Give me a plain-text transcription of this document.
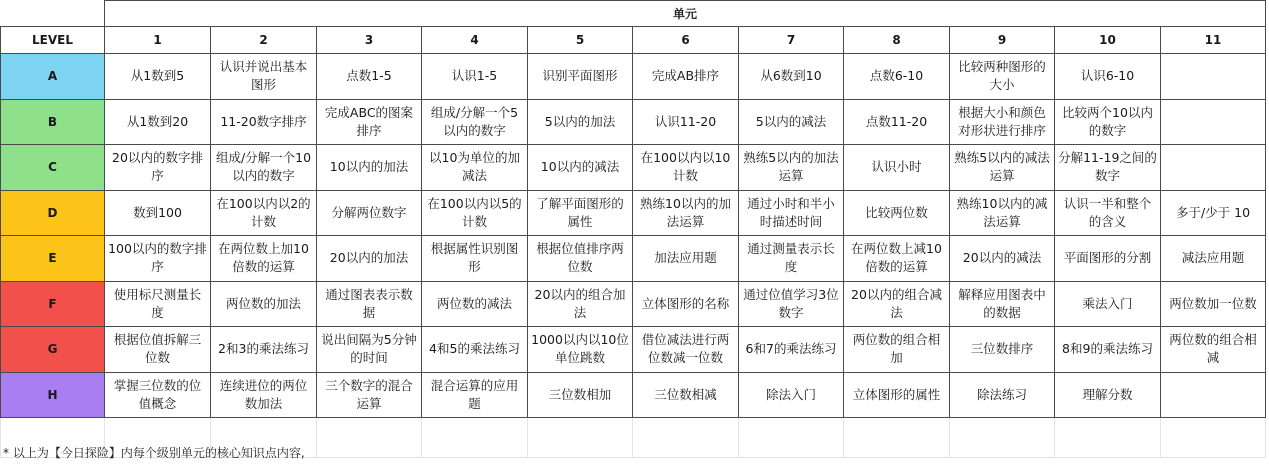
	单元										
LEVEL	1	2	3	4	5	6	7	8	9	10	11
A	从1数到5	认识并说出基本图形	点数1-5	认识1-5	识别平面图形	完成AB排序	从6数到10	点数6-10	比较两种图形的大小	认识6-10	
B	从1数到20	11-20数字排序	完成ABC的图案排序	组成/分解一个5以内的数字	5以内的加法	认识11-20	5以内的减法	点数11-20	根据大小和颜色对形状进行排序	比较两个10以内的数字	
C	20以内的数字排序	组成/分解一个10以内的数字	10以内的加法	以10为单位的加减法	10以内的减法	在100以内以10计数	熟练5以内的加法运算	认识小时	熟练5以内的减法运算	分解11-19之间的数字	
D	数到100	在100以内以2的计数	分解两位数字	在100以内以5的计数	了解平面图形的属性	熟练10以内的加法运算	通过小时和半小时描述时间	比较两位数	熟练10以内的减法运算	认识一半和整个的含义	多于/少于 10
E	100以内的数字排序	在两位数上加10倍数的运算	20以内的加法	根据属性识别图形	根据位值排序两位数	加法应用题	通过测量表示长度	在两位数上减10倍数的运算	20以内的减法	平面图形的分割	减法应用题
F	使用标尺测量长度	两位数的加法	通过图表表示数据	两位数的减法	20以内的组合加法	立体图形的名称	通过位值学习3位数字	20以内的组合减法	解释应用图表中的数据	乘法入门	两位数加一位数
G	根据位值拆解三位数	2和3的乘法练习	说出间隔为5分钟的时间	4和5的乘法练习	1000以内以10位单位跳数	借位减法进行两位数减一位数	6和7的乘法练习	两位数的组合相加	三位数排序	8和9的乘法练习	两位数的组合相减
H	掌握三位数的位值概念	连续进位的两位数加法	三个数字的混合运算	混合运算的应用题	三位数相加	三位数相减	除法入门	立体图形的属性	除法练习	理解分数	

* 以上为【今日探险】内每个级别单元的核心知识点内容,
